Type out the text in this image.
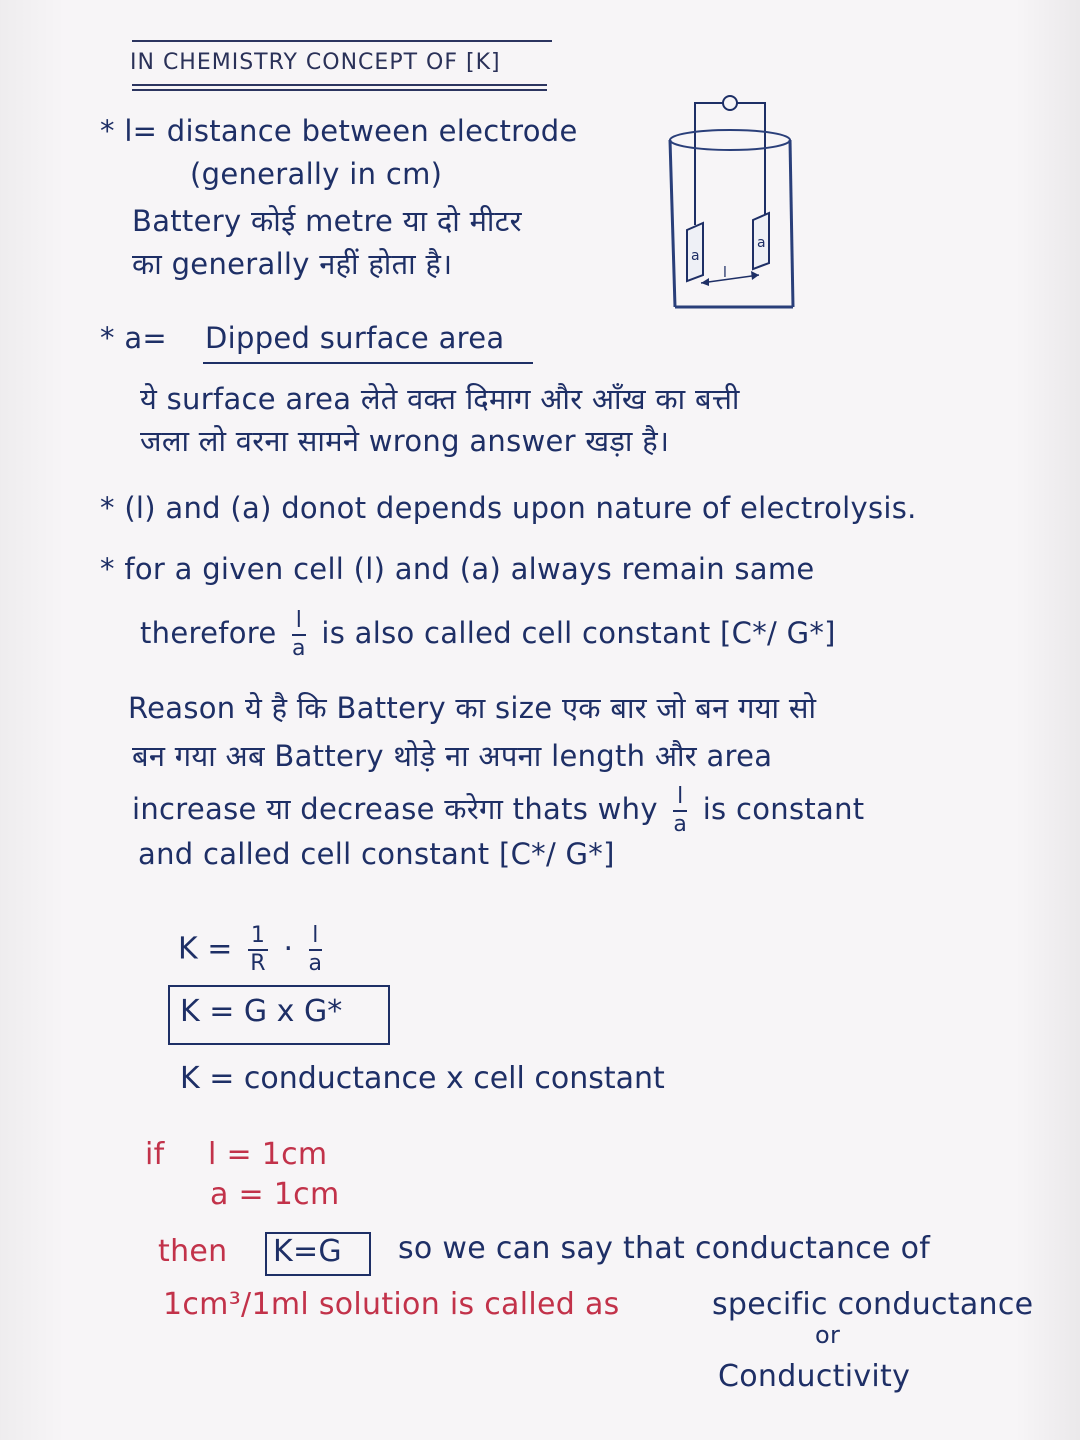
IN CHEMISTRY CONCEPT OF [K]
a
a
l
* l= distance between electrode
(generally in cm)
Battery कोई metre या दो मीटर
का generally नहीं होता है।
* a= Dipped surface area
ये surface area लेते वक्त दिमाग और आँख का बत्ती
जला लो वरना सामने wrong answer खड़ा है।
* (l) and (a) donot depends upon nature of electrolysis.
* for a given cell (l) and (a) always remain same
therefore $\frac{l}{a}$ is also called cell constant [C*/ G*]
Reason ये है कि Battery का size एक बार जो बन गया सो
बन गया अब Battery थोड़े ना अपना length और area
increase या decrease करेगा thats why $\frac{l}{a}$ is constant
and called cell constant [C*/ G*]
$K = \frac{1}{R} \cdot \frac{l}{a}$
K = G x G*
K = conductance x cell constant
if l = 1cm
a = 1cm
then K=G so we can say that conductance of
1cm³/1ml solution is called as	specific conductance
or
Conductivity
